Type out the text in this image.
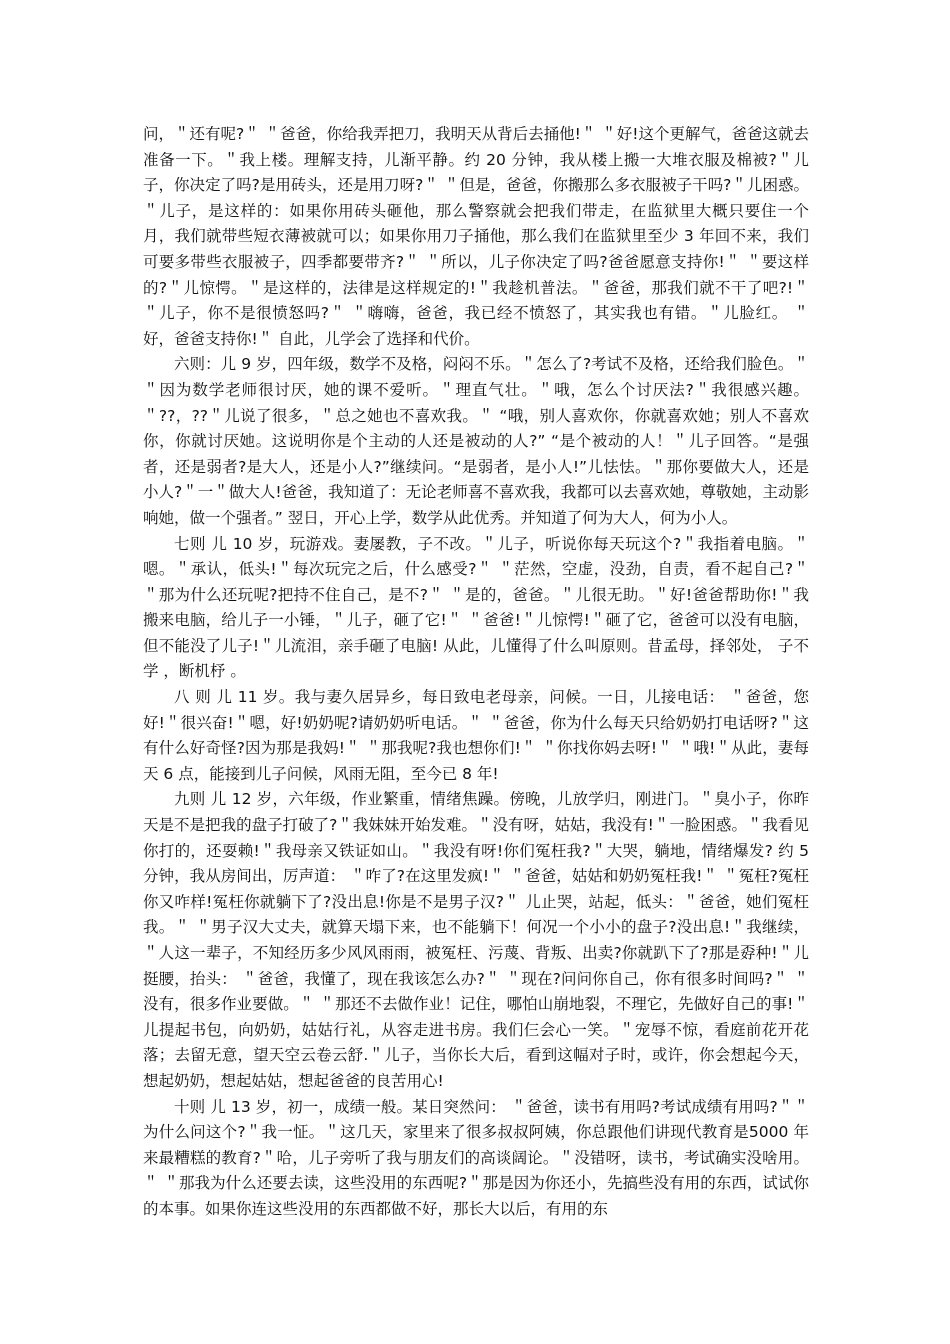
问，＂还有呢?＂ ＂爸爸，你给我弄把刀，我明天从背后去捅他!＂ ＂好!这个更解气，爸爸这就去准备一下。＂我上楼。理解支持，儿渐平静。约 20 分钟，我从楼上搬一大堆衣服及棉被?＂儿子，你决定了吗?是用砖头，还是用刀呀?＂ ＂但是，爸爸，你搬那么多衣服被子干吗?＂儿困惑。＂儿子，是这样的：如果你用砖头砸他，那么警察就会把我们带走，在监狱里大概只要住一个月，我们就带些短衣薄被就可以；如果你用刀子捅他，那么我们在监狱里至少 3 年回不来，我们可要多带些衣服被子，四季都要带齐?＂ ＂所以，儿子你决定了吗?爸爸愿意支持你!＂ ＂要这样的?＂儿惊愕。＂是这样的，法律是这样规定的!＂我趁机普法。＂爸爸，那我们就不干了吧?!＂ ＂儿子，你不是很愤怒吗?＂ ＂嗨嗨，爸爸，我已经不愤怒了，其实我也有错。＂儿脸红。 ＂好，爸爸支持你!＂ 自此，儿学会了选择和代价。

六则：儿 9 岁，四年级，数学不及格，闷闷不乐。＂怎么了?考试不及格，还给我们脸色。＂ ＂因为数学老师很讨厌，她的课不爱听。＂理直气壮。＂哦，怎么个讨厌法?＂我很感兴趣。＂??，??＂儿说了很多，＂总之她也不喜欢我。＂ “哦，别人喜欢你，你就喜欢她；别人不喜欢你，你就讨厌她。这说明你是个主动的人还是被动的人?” “是个被动的人！＂儿子回答。“是强者，还是弱者?是大人，还是小人?”继续问。“是弱者，是小人!”儿怯怯。＂那你要做大人，还是小人?＂一＂做大人!爸爸，我知道了：无论老师喜不喜欢我，我都可以去喜欢她，尊敬她，主动影响她，做一个强者。” 翌日，开心上学，数学从此优秀。并知道了何为大人，何为小人。

七则 儿 10 岁，玩游戏。妻屡教，子不改。＂儿子，听说你每天玩这个?＂我指着电脑。＂嗯。＂承认，低头!＂每次玩完之后，什么感受?＂ ＂茫然，空虚，没劲，自责，看不起自己?＂ ＂那为什么还玩呢?把持不住自己，是不?＂ ＂是的，爸爸。＂儿很无助。＂好!爸爸帮助你!＂我搬来电脑，给儿子一小锤，＂儿子，砸了它!＂ ＂爸爸!＂儿惊愕!＂砸了它，爸爸可以没有电脑，但不能没了儿子!＂儿流泪，亲手砸了电脑! 从此，儿懂得了什么叫原则。昔孟母，择邻处， 子不学 ，断机杼 。

八 则 儿 11 岁。我与妻久居异乡，每日致电老母亲，问候。一日，儿接电话： ＂爸爸，您好!＂很兴奋!＂嗯，好!奶奶呢?请奶奶听电话。＂ ＂爸爸，你为什么每天只给奶奶打电话呀?＂这有什么好奇怪?因为那是我妈!＂ ＂那我呢?我也想你们!＂ ＂你找你妈去呀!＂ ＂哦!＂从此，妻每天 6 点，能接到儿子问候，风雨无阻，至今已 8 年!

九则 儿 12 岁，六年级，作业繁重，情绪焦躁。傍晚，儿放学归，刚进门。＂臭小子，你昨天是不是把我的盘子打破了?＂我妹妹开始发难。＂没有呀，姑姑，我没有!＂一脸困惑。＂我看见你打的，还耍赖!＂我母亲又铁证如山。＂我没有呀!你们冤枉我?＂大哭，躺地，情绪爆发? 约 5 分钟，我从房间出，厉声道： ＂咋了?在这里发疯!＂ ＂爸爸，姑姑和奶奶冤枉我!＂ ＂冤枉?冤枉你又咋样!冤枉你就躺下了?没出息!你是不是男子汉?＂ 儿止哭，站起，低头：＂爸爸，她们冤枉我。＂ ＂男子汉大丈夫，就算天塌下来，也不能躺下！何况一个小小的盘子?没出息!＂我继续，＂人这一辈子，不知经历多少风风雨雨，被冤枉、污蔑、背叛、出卖?你就趴下了?那是孬种!＂儿挺腰，抬头： ＂爸爸，我懂了，现在我该怎么办?＂ ＂现在?问问你自己，你有很多时间吗?＂ ＂没有，很多作业要做。＂ ＂那还不去做作业！记住，哪怕山崩地裂，不理它，先做好自己的事!＂儿提起书包，向奶奶，姑姑行礼，从容走进书房。我们仨会心一笑。＂宠辱不惊，看庭前花开花落；去留无意，望天空云卷云舒.＂儿子，当你长大后，看到这幅对子时，或许，你会想起今天，想起奶奶，想起姑姑，想起爸爸的良苦用心!

十则 儿 13 岁，初一，成绩一般。某日突然问： ＂爸爸，读书有用吗?考试成绩有用吗?＂＂为什么问这个?＂我一怔。＂这几天，家里来了很多叔叔阿姨，你总跟他们讲现代教育是5000 年来最糟糕的教育?＂哈，儿子旁听了我与朋友们的高谈阔论。＂没错呀，读书，考试确实没啥用。＂ ＂那我为什么还要去读，这些没用的东西呢?＂那是因为你还小，先搞些没有用的东西，试试你的本事。如果你连这些没用的东西都做不好，那长大以后，有用的东
